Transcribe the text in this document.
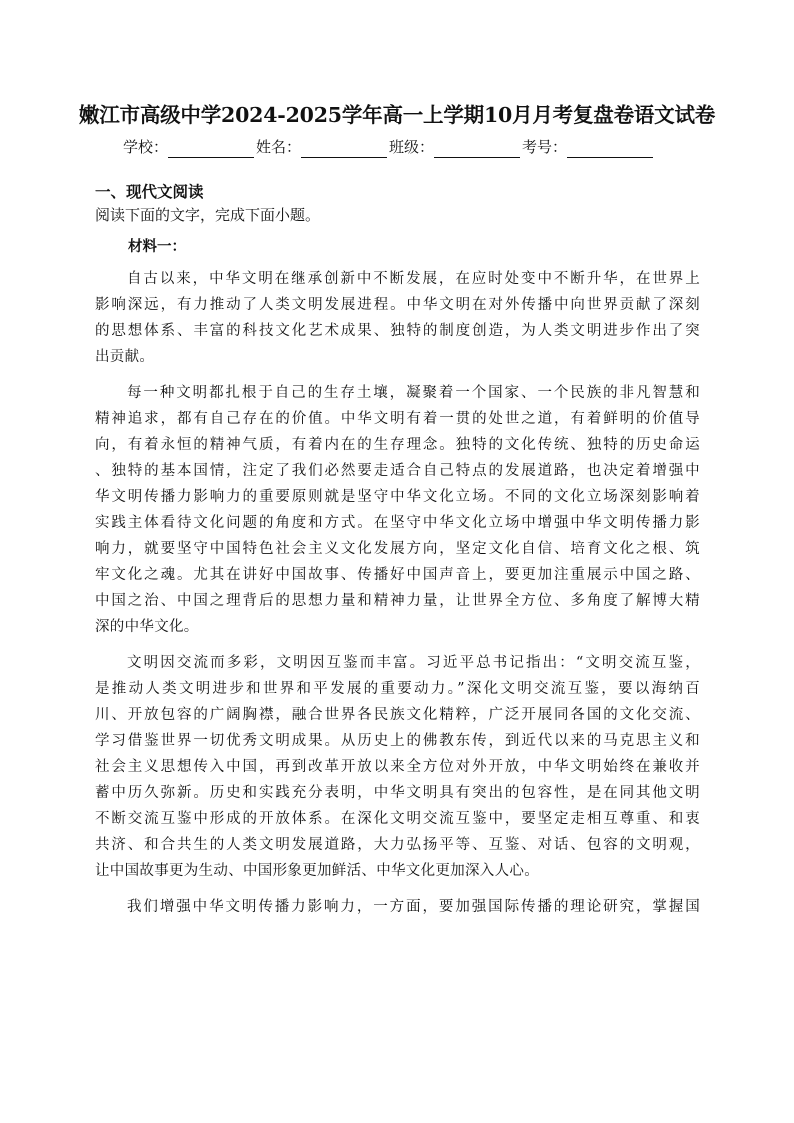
嫩江市高级中学2024-2025学年高一上学期10月月考复盘卷语文试卷
学校：	姓名：	班级：	考号：
一、现代文阅读
阅读下面的文字，完成下面小题。
材料一：
自古以来，中华文明在继承创新中不断发展，在应时处变中不断升华，在世界上
影响深远，有力推动了人类文明发展进程。中华文明在对外传播中向世界贡献了深刻
的思想体系、丰富的科技文化艺术成果、独特的制度创造，为人类文明进步作出了突
出贡献。
每一种文明都扎根于自己的生存土壤，凝聚着一个国家、一个民族的非凡智慧和
精神追求，都有自己存在的价值。中华文明有着一贯的处世之道，有着鲜明的价值导
向，有着永恒的精神气质，有着内在的生存理念。独特的文化传统、独特的历史命运
、独特的基本国情，注定了我们必然要走适合自己特点的发展道路，也决定着增强中
华文明传播力影响力的重要原则就是坚守中华文化立场。不同的文化立场深刻影响着
实践主体看待文化问题的角度和方式。在坚守中华文化立场中增强中华文明传播力影
响力，就要坚守中国特色社会主义文化发展方向，坚定文化自信、培育文化之根、筑
牢文化之魂。尤其在讲好中国故事、传播好中国声音上，要更加注重展示中国之路、
中国之治、中国之理背后的思想力量和精神力量，让世界全方位、多角度了解博大精
深的中华文化。
文明因交流而多彩，文明因互鉴而丰富。习近平总书记指出：“文明交流互鉴，
是推动人类文明进步和世界和平发展的重要动力。”深化文明交流互鉴，要以海纳百
川、开放包容的广阔胸襟，融合世界各民族文化精粹，广泛开展同各国的文化交流、
学习借鉴世界一切优秀文明成果。从历史上的佛教东传，到近代以来的马克思主义和
社会主义思想传入中国，再到改革开放以来全方位对外开放，中华文明始终在兼收并
蓄中历久弥新。历史和实践充分表明，中华文明具有突出的包容性，是在同其他文明
不断交流互鉴中形成的开放体系。在深化文明交流互鉴中，要坚定走相互尊重、和衷
共济、和合共生的人类文明发展道路，大力弘扬平等、互鉴、对话、包容的文明观，
让中国故事更为生动、中国形象更加鲜活、中华文化更加深入人心。
我们增强中华文明传播力影响力，一方面，要加强国际传播的理论研究，掌握国
